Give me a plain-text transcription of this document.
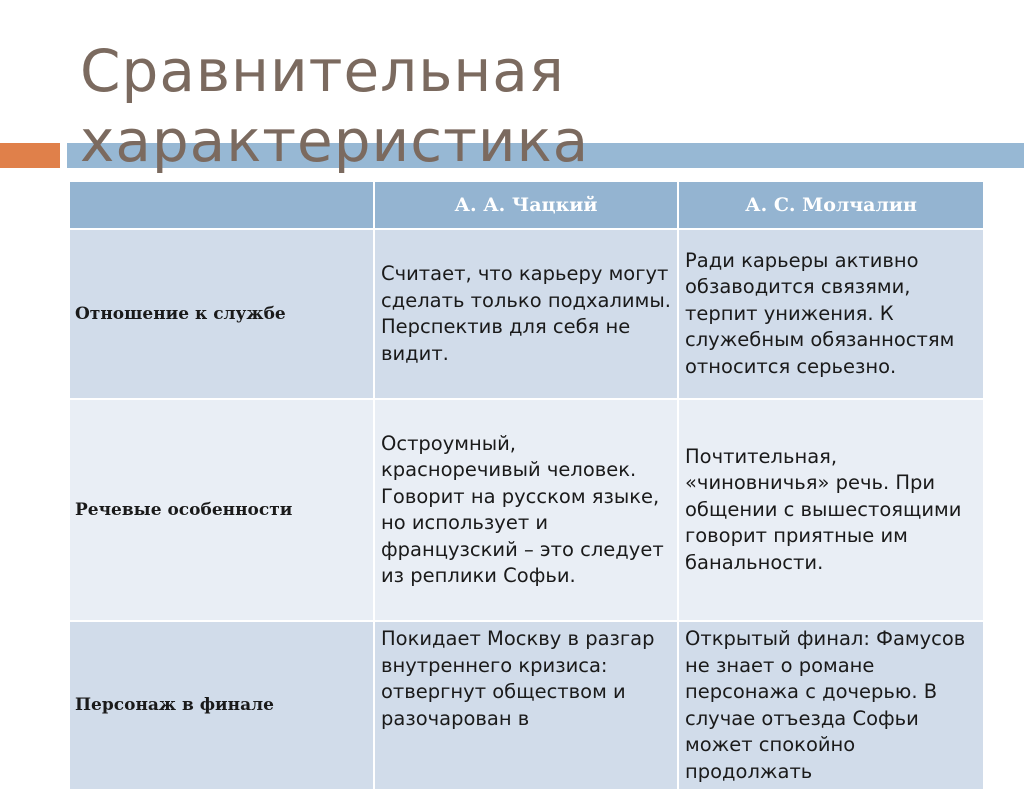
Сравнительная
характеристика
	А. А. Чацкий	А. С. Молчалин
Отношение к службе	Считает, что карьеру могут сделать только подхалимы. Перспектив для себя не видит.	Ради карьеры активно обзаводится связями, терпит унижения. К служебным обязанностям относится серьезно.
Речевые особенности	Остроумный, красноречивый человек. Говорит на русском языке, но использует и французский – это следует из реплики Софьи.	Почтительная, «чиновничья» речь. При общении с вышестоящими говорит приятные им банальности.
Персонаж в финале	Покидает Москву в разгар внутреннего кризиса: отвергнут обществом и разочарован в	Открытый финал: Фамусов не знает о романе персонажа с дочерью. В случае отъезда Софьи может спокойно продолжать
